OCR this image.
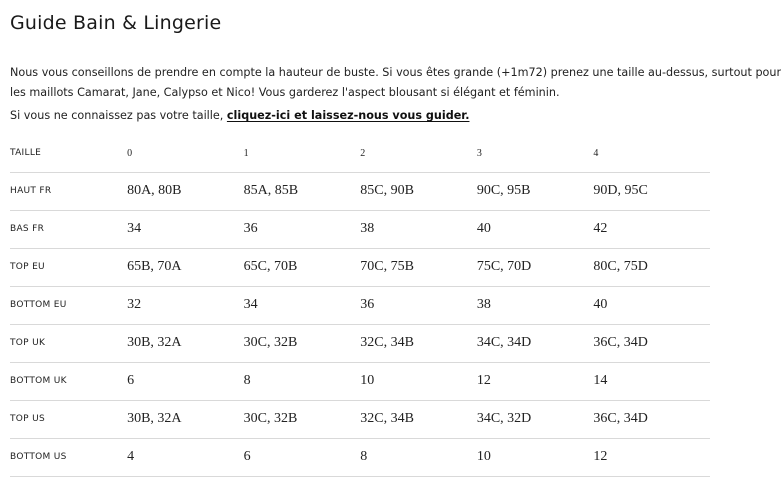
Guide Bain & Lingerie
Nous vous conseillons de prendre en compte la hauteur de buste. Si vous êtes grande (+1m72) prenez une taille au-dessus, surtout pour
les maillots Camarat, Jane, Calypso et Nico! Vous garderez l'aspect blousant si élégant et féminin.
Si vous ne connaissez pas votre taille, cliquez-ici et laissez-nous vous guider.
TAILLE	0	1	2	3	4
HAUT FR	80A, 80B	85A, 85B	85C, 90B	90C, 95B	90D, 95C
BAS FR	34	36	38	40	42
TOP EU	65B, 70A	65C, 70B	70C, 75B	75C, 70D	80C, 75D
BOTTOM EU	32	34	36	38	40
TOP UK	30B, 32A	30C, 32B	32C, 34B	34C, 34D	36C, 34D
BOTTOM UK	6	8	10	12	14
TOP US	30B, 32A	30C, 32B	32C, 34B	34C, 32D	36C, 34D
BOTTOM US	4	6	8	10	12
